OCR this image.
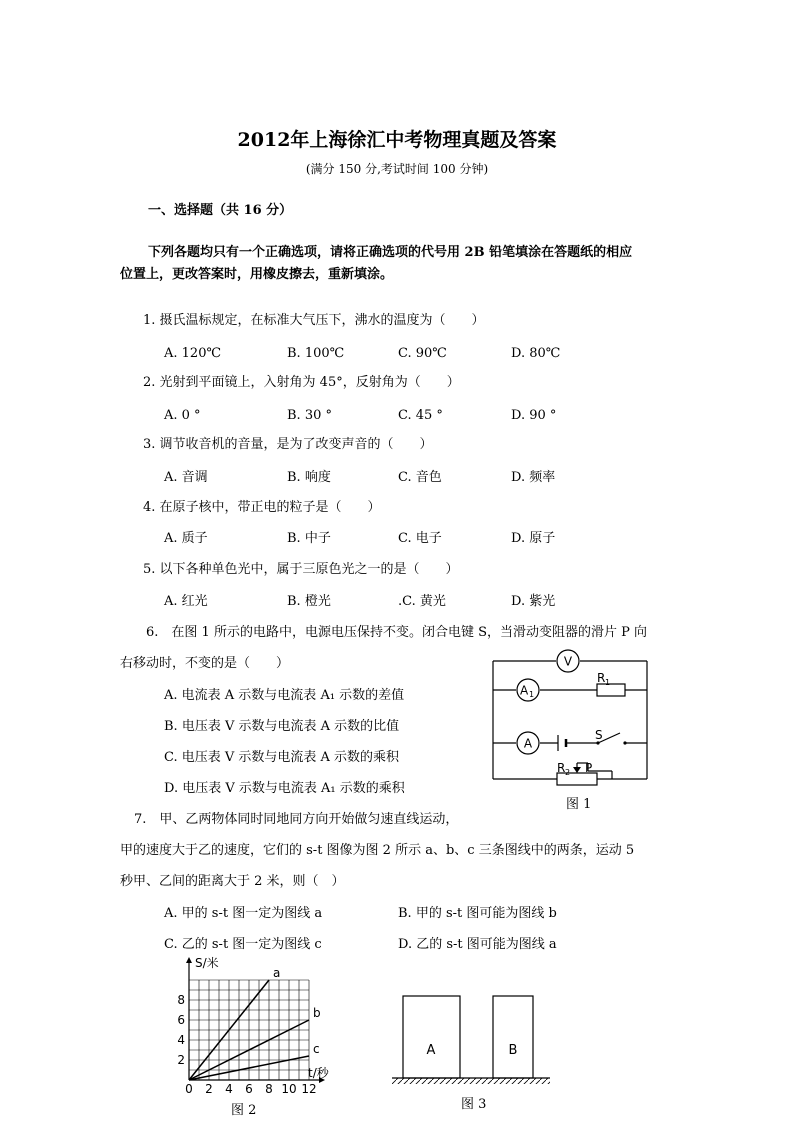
2012年上海徐汇中考物理真题及答案
(满分 150 分,考试时间 100 分钟)
一、选择题（共 16 分）
下列各题均只有一个正确选项，请将正确选项的代号用 2B 铅笔填涂在答题纸的相应
位置上，更改答案时，用橡皮擦去，重新填涂。
1. 摄氏温标规定，在标准大气压下，沸水的温度为（　　）
A. 120℃	B. 100℃	C. 90℃	D. 80℃
2. 光射到平面镜上，入射角为 45°，反射角为（　　）
A. 0 °	B. 30 °	C. 45 °	D. 90 °
3. 调节收音机的音量，是为了改变声音的（　　）
A. 音调	B. 响度	C. 音色	D. 频率
4. 在原子核中，带正电的粒子是（　　）
A. 质子	B. 中子	C. 电子	D. 原子
5. 以下各种单色光中，属于三原色光之一的是（　　）
A. 红光	B. 橙光	.C. 黄光	D. 紫光
6.　在图 1 所示的电路中，电源电压保持不变。闭合电键 S，当滑动变阻器的滑片 P 向
右移动时，不变的是（　　）
A. 电流表 A 示数与电流表 A₁ 示数的差值
B. 电压表 V 示数与电流表 A 示数的比值
C. 电压表 V 示数与电流表 A 示数的乘积
D. 电压表 V 示数与电流表 A₁ 示数的乘积
V
A 1
A
R 1
R 2
S
P
图 1
7.　甲、乙两物体同时同地同方向开始做匀速直线运动，
甲的速度大于乙的速度，它们的 s-t 图像为图 2 所示 a、b、c 三条图线中的两条，运动 5
秒甲、乙间的距离大于 2 米，则（　）
A. 甲的 s-t 图一定为图线 a	B. 甲的 s-t 图可能为图线 b
C. 乙的 s-t 图一定为图线 c	D. 乙的 s-t 图可能为图线 a
0 2 4 6 8 10 12
2
4
6
8
S/米
t/秒
a
b
c
图 2
A	B
图 3
